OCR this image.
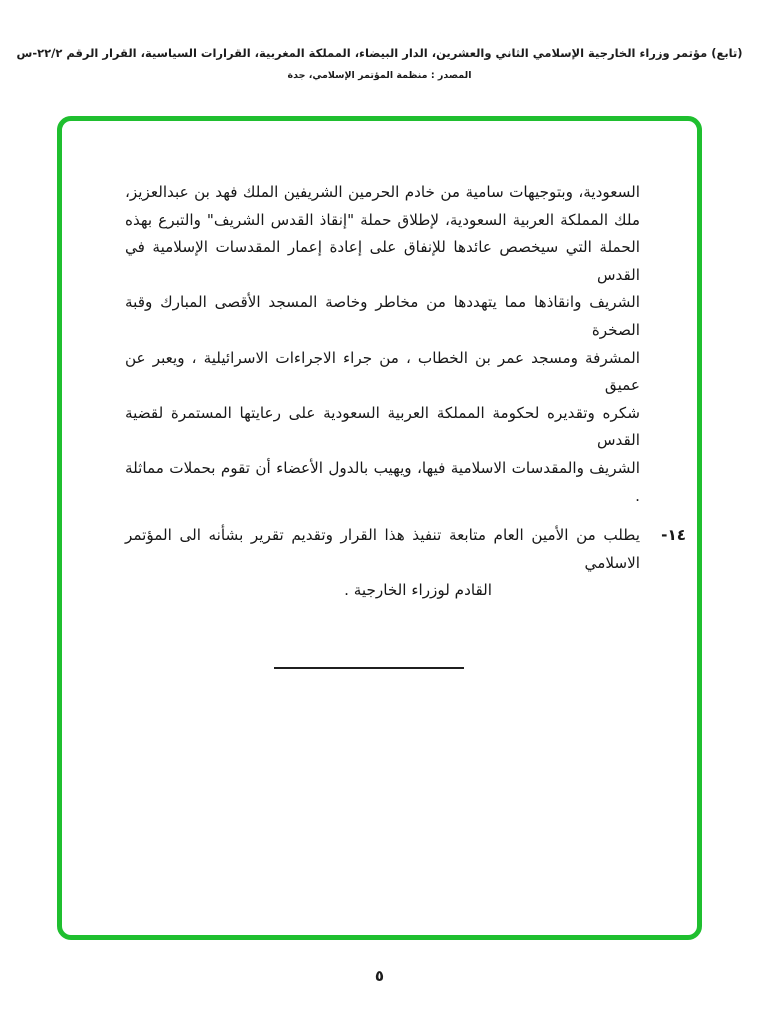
(تابع) مؤتمر وزراء الخارجية الإسلامي الثاني والعشرين، الدار البيضاء، المملكة المغربية، القرارات السياسية، القرار الرقم ٢٢/٢-س
المصدر : منظمة المؤتمر الإسلامي، جدة
السعودية، وبتوجيهات سامية من خادم الحرمين الشريفين الملك فهد بن عبدالعزيز،
ملك المملكة العربية السعودية، لإطلاق حملة "إنقاذ القدس الشريف" والتبرع بهذه
الحملة التي سيخصص عائدها للإنفاق على إعادة إعمار المقدسات الإسلامية في القدس
الشريف وانقاذها مما يتهددها من مخاطر وخاصة المسجد الأقصى المبارك وقبة الصخرة
المشرفة ومسجد عمر بن الخطاب ، من جراء الاجراءات الاسرائيلية ، ويعبر عن عميق
شكره وتقديره لحكومة المملكة العربية السعودية على رعايتها المستمرة لقضية القدس
الشريف والمقدسات الاسلامية فيها، ويهيب بالدول الأعضاء أن تقوم بحملات مماثلة .
١٤-
يطلب من الأمين العام متابعة تنفيذ هذا القرار وتقديم تقرير بشأنه الى المؤتمر الاسلامي
القادم لوزراء الخارجية .
٥
